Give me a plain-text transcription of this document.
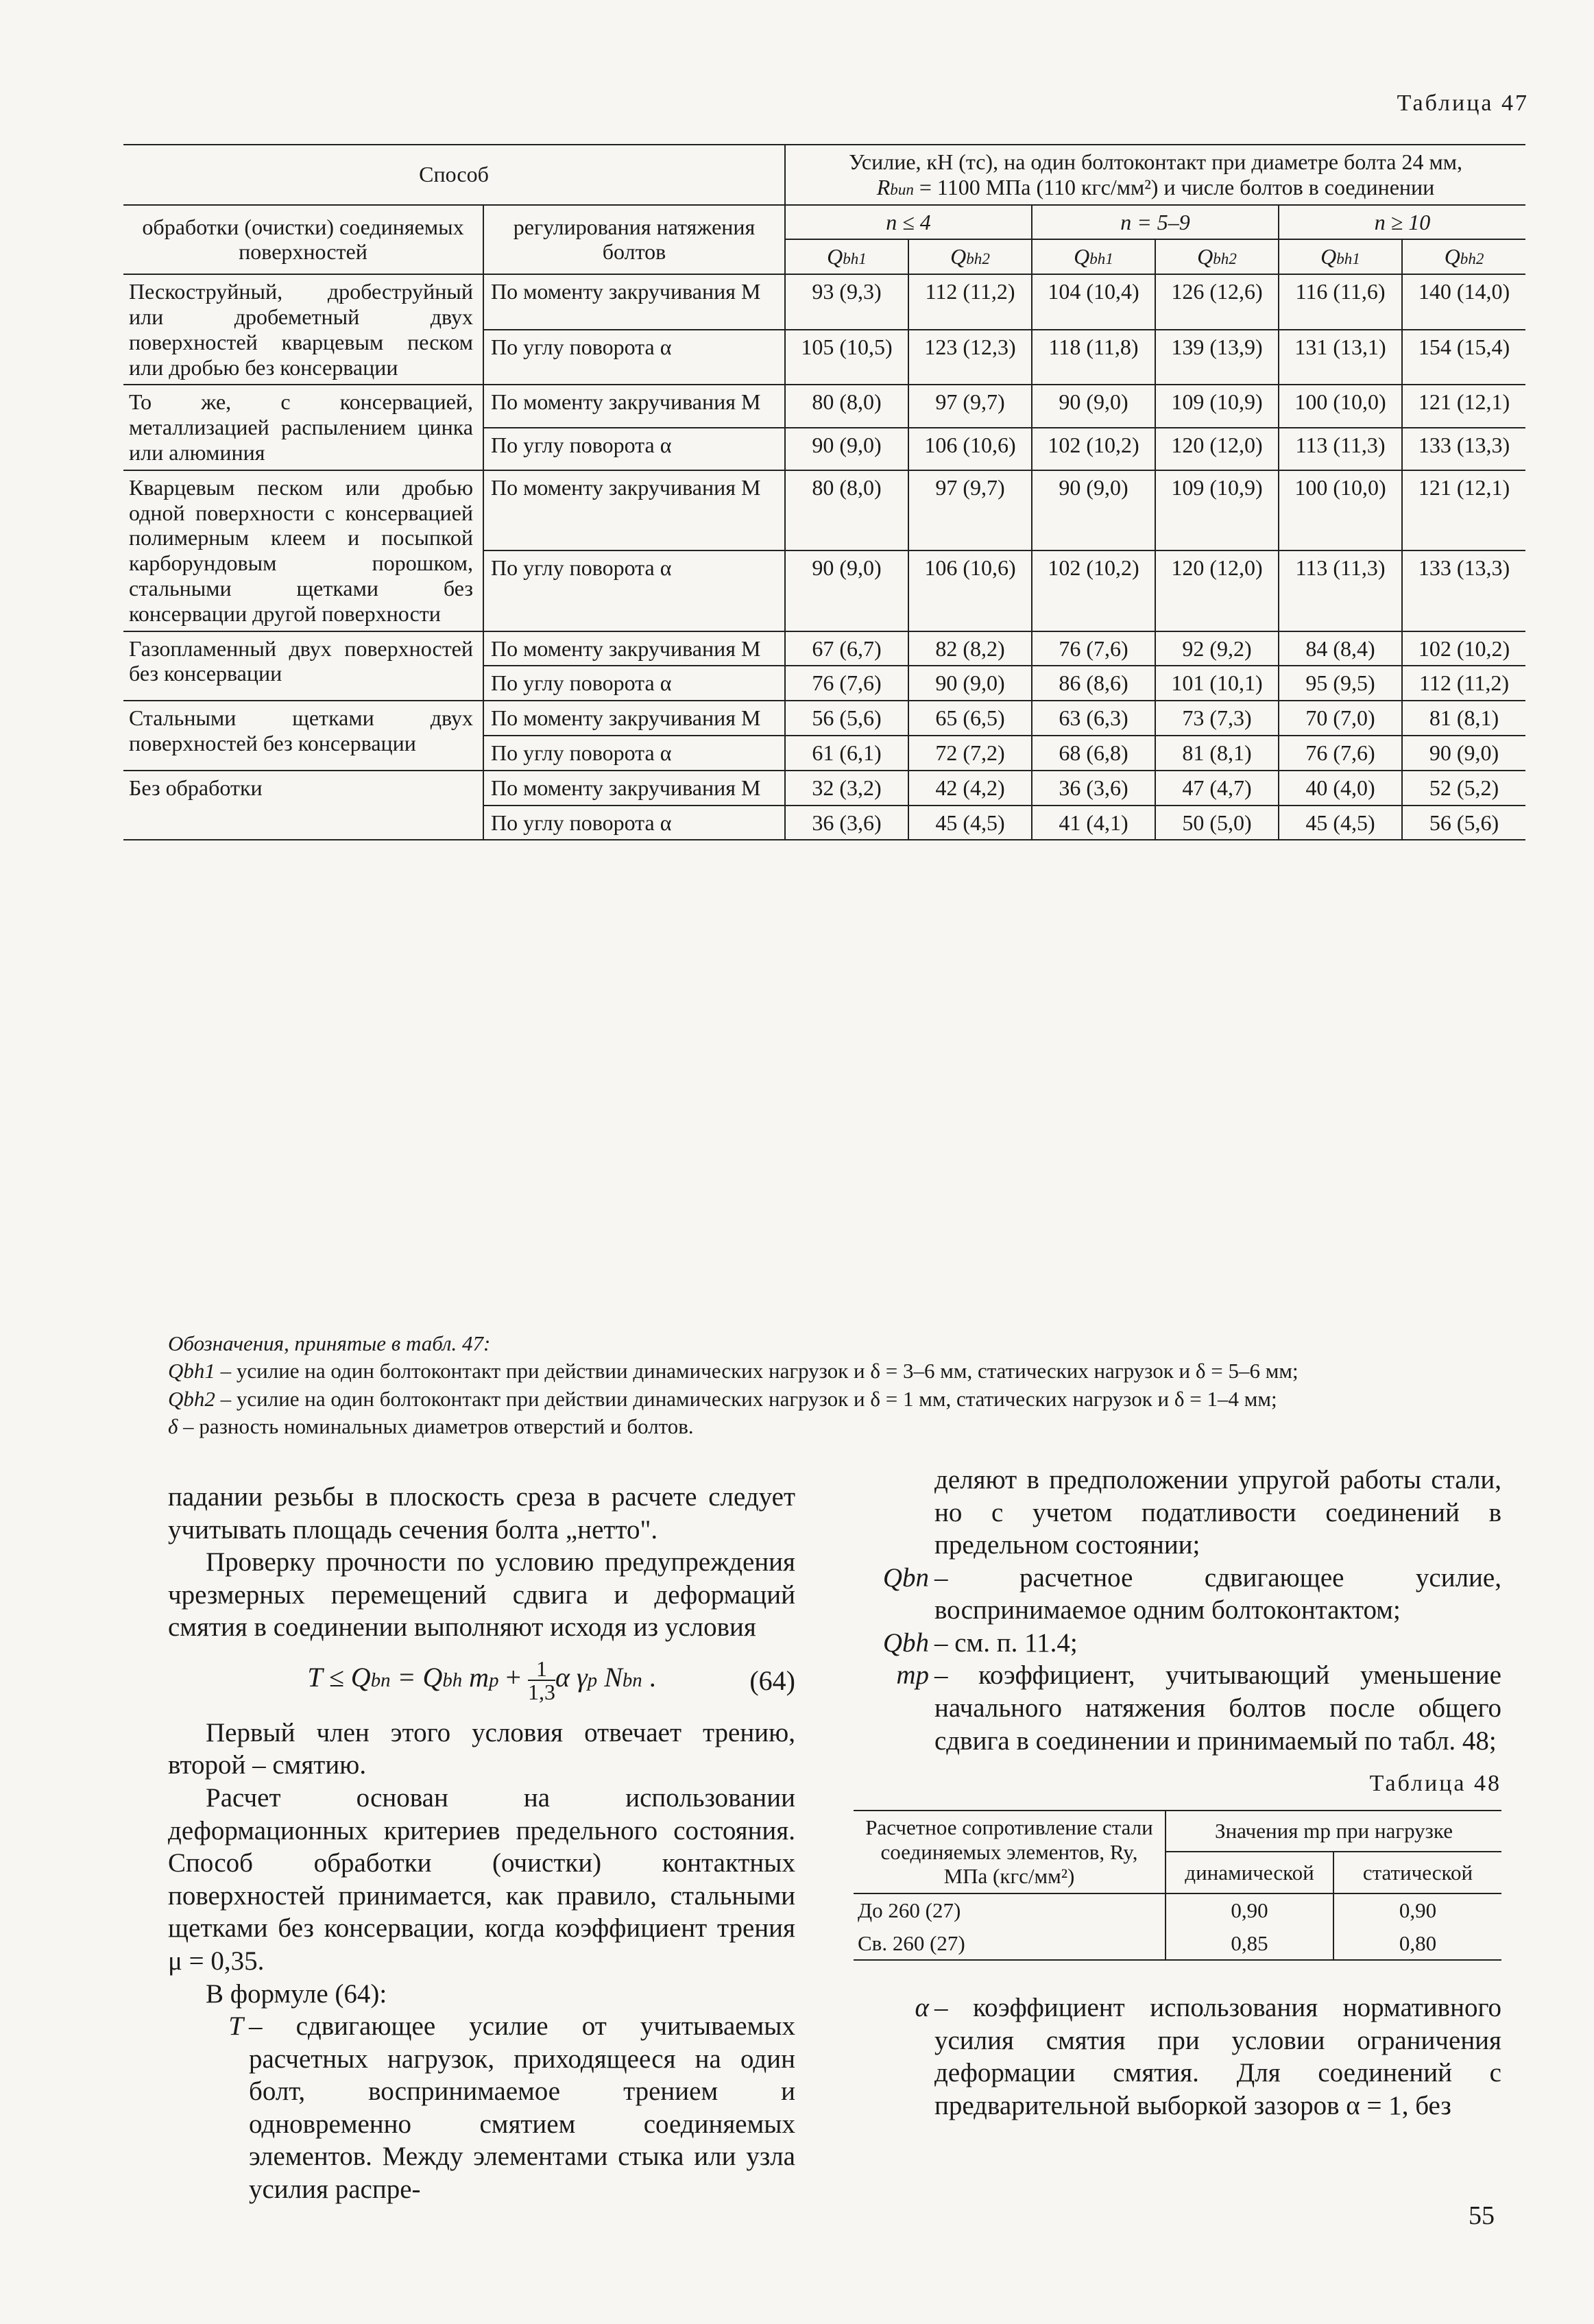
Таблица 47
Способ		Усилие, кН (тс), на один болтоконтакт при диаметре болта 24 мм,
Rbun = 1100 МПа (110 кгс/мм²) и числе болтов в соединении					
обработки (очистки) соединяемых поверхностей	регулирования натяжения болтов	n ≤ 4		n = 5–9		n ≥ 10	
		Qbh1	Qbh2	Qbh1	Qbh2	Qbh1	Qbh2
Пескоструйный, дробеструйный или дробеметный двух поверхностей кварцевым песком или дробью без консервации	По моменту закручивания M	93 (9,3)	112 (11,2)	104 (10,4)	126 (12,6)	116 (11,6)	140 (14,0)
	По углу поворота α	105 (10,5)	123 (12,3)	118 (11,8)	139 (13,9)	131 (13,1)	154 (15,4)
То же, с консервацией, металлизацией распылением цинка или алюминия	По моменту закручивания M	80 (8,0)	97 (9,7)	90 (9,0)	109 (10,9)	100 (10,0)	121 (12,1)
	По углу поворота α	90 (9,0)	106 (10,6)	102 (10,2)	120 (12,0)	113 (11,3)	133 (13,3)
Кварцевым песком или дробью одной поверхности с консервацией полимерным клеем и посыпкой карборундовым порошком, стальными щетками без консервации другой поверхности	По моменту закручивания M	80 (8,0)	97 (9,7)	90 (9,0)	109 (10,9)	100 (10,0)	121 (12,1)
	По углу поворота α	90 (9,0)	106 (10,6)	102 (10,2)	120 (12,0)	113 (11,3)	133 (13,3)
Газопламенный двух поверхностей без консервации	По моменту закручивания M	67 (6,7)	82 (8,2)	76 (7,6)	92 (9,2)	84 (8,4)	102 (10,2)
	По углу поворота α	76 (7,6)	90 (9,0)	86 (8,6)	101 (10,1)	95 (9,5)	112 (11,2)
Стальными щетками двух поверхностей без консервации	По моменту закручивания M	56 (5,6)	65 (6,5)	63 (6,3)	73 (7,3)	70 (7,0)	81 (8,1)
	По углу поворота α	61 (6,1)	72 (7,2)	68 (6,8)	81 (8,1)	76 (7,6)	90 (9,0)
Без обработки	По моменту закручивания M	32 (3,2)	42 (4,2)	36 (3,6)	47 (4,7)	40 (4,0)	52 (5,2)
	По углу поворота α	36 (3,6)	45 (4,5)	41 (4,1)	50 (5,0)	45 (4,5)	56 (5,6)
Обозначения, принятые в табл. 47:
Qbh1 – усилие на один болтоконтакт при действии динамических нагрузок и δ = 3–6 мм, статических нагрузок и δ = 5–6 мм;
Qbh2 – усилие на один болтоконтакт при действии динамических нагрузок и δ = 1 мм, статических нагрузок и δ = 1–4 мм;
δ – разность номинальных диаметров отверстий и болтов.

падании резьбы в плоскость среза в расчете следует учитывать площадь сечения болта „нетто".

Проверку прочности по условию предупреждения чрезмерных перемещений сдвига и деформаций смятия в соединении выполняют исходя из условия

T ≤ Qbn = Qbh mp + $\frac{1}{1,3}$ α γp Nbn .	(64)

Первый член этого условия отвечает трению, второй – смятию.

Расчет основан на использовании деформационных критериев предельного состояния. Способ обработки (очистки) контактных поверхностей принимается, как правило, стальными щетками без консервации, когда коэффициент трения μ = 0,35.

В формуле (64):

T – сдвигающее усилие от учитываемых расчетных нагрузок, приходящееся на один болт, воспринимаемое трением и одновременно смятием соединяемых элементов. Между элементами стыка или узла усилия распре-
деляют в предположении упругой работы стали, но с учетом податливости соединений в предельном состоянии;
Qbn – расчетное сдвигающее усилие, воспринимаемое одним болтоконтактом;
Qbh – см. п. 11.4;
mp – коэффициент, учитывающий уменьшение начального натяжения болтов после общего сдвига в соединении и принимаемый по табл. 48;
Таблица 48
Расчетное сопротивление стали соединяемых элементов, Ry, МПа (кгс/мм²)	Значения mp при нагрузке	
	динамической	статической
До 260 (27)	0,90	0,90
Св. 260 (27)	0,85	0,80
α – коэффициент использования нормативного усилия смятия при условии ограничения деформации смятия. Для соединений с предварительной выборкой зазоров α = 1, без
55
